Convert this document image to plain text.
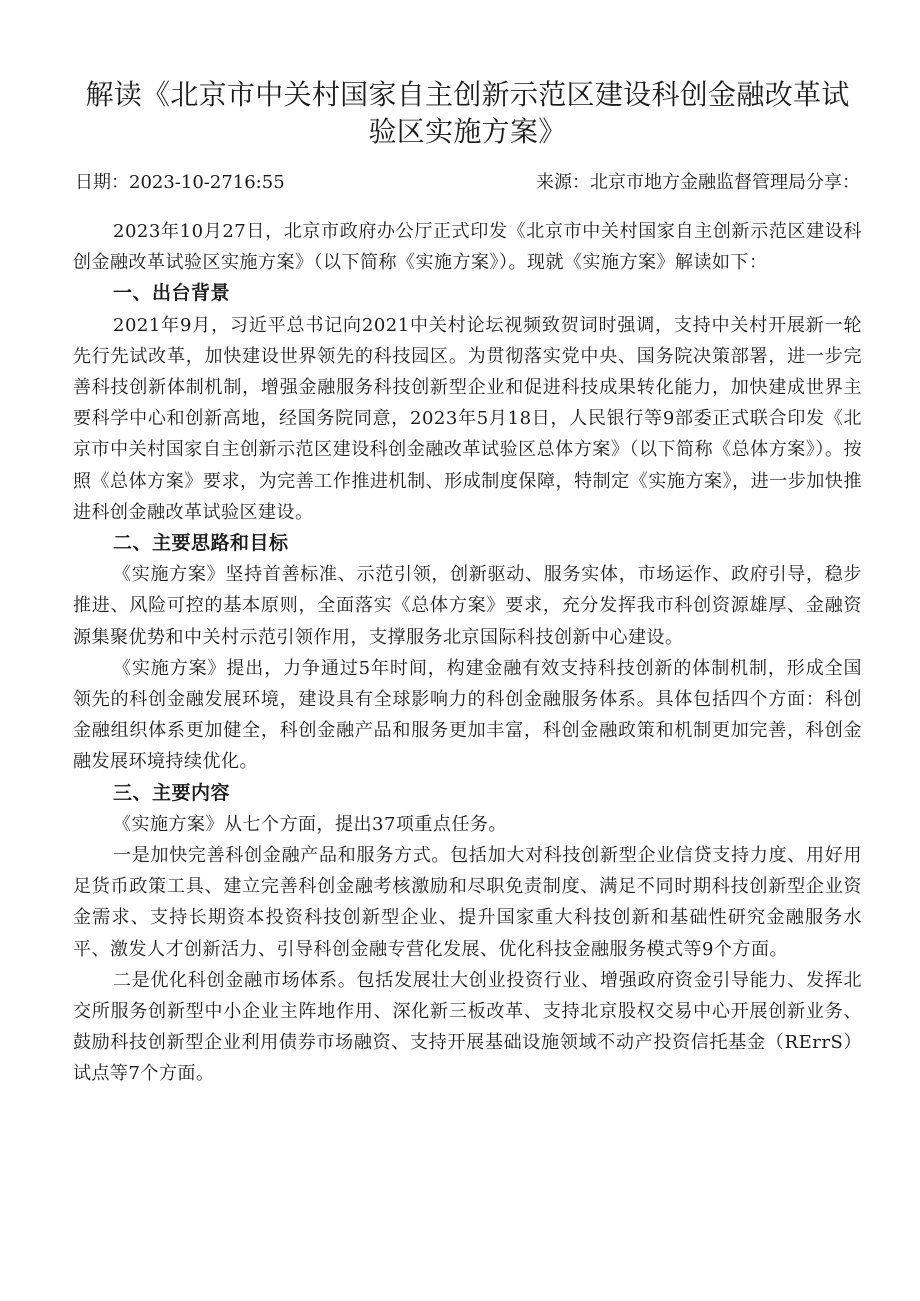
解读《北京市中关村国家自主创新示范区建设科创金融改革试验区实施方案》
日期：2023-10-2716:55	来源：北京市地方金融监督管理局分享：

2023年10月27日，北京市政府办公厅正式印发《北京市中关村国家自主创新示范区建设科创金融改革试验区实施方案》（以下简称《实施方案》）。现就《实施方案》解读如下：

一、出台背景

2021年9月，习近平总书记向2021中关村论坛视频致贺词时强调，支持中关村开展新一轮先行先试改革，加快建设世界领先的科技园区。为贯彻落实党中央、国务院决策部署，进一步完善科技创新体制机制，增强金融服务科技创新型企业和促进科技成果转化能力，加快建成世界主要科学中心和创新高地，经国务院同意，2023年5月18日，人民银行等9部委正式联合印发《北京市中关村国家自主创新示范区建设科创金融改革试验区总体方案》（以下简称《总体方案》）。按照《总体方案》要求，为完善工作推进机制、形成制度保障，特制定《实施方案》，进一步加快推进科创金融改革试验区建设。

二、主要思路和目标

《实施方案》坚持首善标准、示范引领，创新驱动、服务实体，市场运作、政府引导，稳步推进、风险可控的基本原则，全面落实《总体方案》要求，充分发挥我市科创资源雄厚、金融资源集聚优势和中关村示范引领作用，支撑服务北京国际科技创新中心建设。

《实施方案》提出，力争通过5年时间，构建金融有效支持科技创新的体制机制，形成全国领先的科创金融发展环境，建设具有全球影响力的科创金融服务体系。具体包括四个方面：科创金融组织体系更加健全，科创金融产品和服务更加丰富，科创金融政策和机制更加完善，科创金融发展环境持续优化。

三、主要内容

《实施方案》从七个方面，提出37项重点任务。

一是加快完善科创金融产品和服务方式。包括加大对科技创新型企业信贷支持力度、用好用足货币政策工具、建立完善科创金融考核激励和尽职免责制度、满足不同时期科技创新型企业资金需求、支持长期资本投资科技创新型企业、提升国家重大科技创新和基础性研究金融服务水平、激发人才创新活力、引导科创金融专营化发展、优化科技金融服务模式等9个方面。

二是优化科创金融市场体系。包括发展壮大创业投资行业、增强政府资金引导能力、发挥北交所服务创新型中小企业主阵地作用、深化新三板改革、支持北京股权交易中心开展创新业务、鼓励科技创新型企业利用债券市场融资、支持开展基础设施领域不动产投资信托基金（RErrS）试点等7个方面。
